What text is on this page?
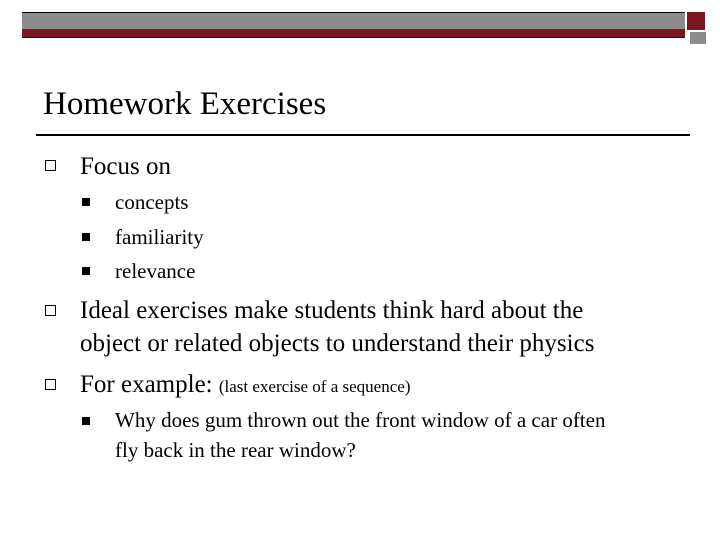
Homework Exercises
Focus on
concepts
familiarity
relevance
Ideal exercises make students think hard about the
object or related objects to understand their physics
For example: (last exercise of a sequence)
Why does gum thrown out the front window of a car often
fly back in the rear window?
